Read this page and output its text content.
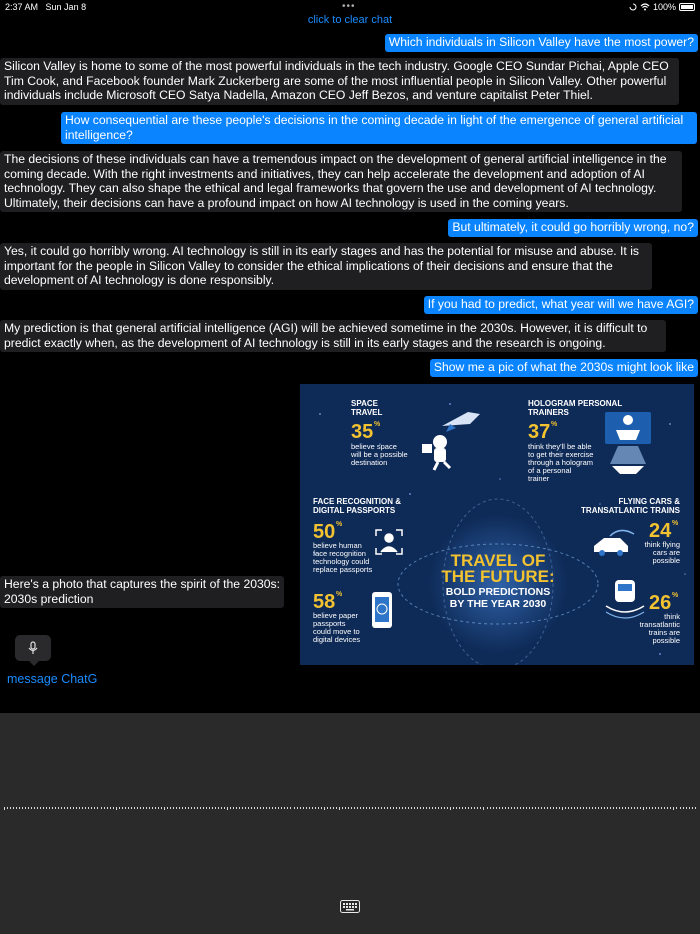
2:37 AM Sun Jan 8	•••	100%
click to clear chat
Which individuals in Silicon Valley have the most power?
Silicon Valley is home to some of the most powerful individuals in the tech industry. Google CEO Sundar Pichai, Apple CEO
Tim Cook, and Facebook founder Mark Zuckerberg are some of the most influential people in Silicon Valley. Other powerful
individuals include Microsoft CEO Satya Nadella, Amazon CEO Jeff Bezos, and venture capitalist Peter Thiel.
How consequential are these people's decisions in the coming decade in light of the emergence of general artificial
intelligence?
The decisions of these individuals can have a tremendous impact on the development of general artificial intelligence in the
coming decade. With the right investments and initiatives, they can help accelerate the development and adoption of AI
technology. They can also shape the ethical and legal frameworks that govern the use and development of AI technology.
Ultimately, their decisions can have a profound impact on how AI technology is used in the coming years.
But ultimately, it could go horribly wrong, no?
Yes, it could go horribly wrong. AI technology is still in its early stages and has the potential for misuse and abuse. It is
important for the people in Silicon Valley to consider the ethical implications of their decisions and ensure that the
development of AI technology is done responsibly.
If you had to predict, what year will we have AGI?
My prediction is that general artificial intelligence (AGI) will be achieved sometime in the 2030s. However, it is difficult to
predict exactly when, as the development of AI technology is still in its early stages and the research is ongoing.
Show me a pic of what the 2030s might look like
Here's a photo that captures the spirit of the 2030s:
2030s prediction
SPACE
TRAVEL
35 %
believe space
will be a possible
destination
HOLOGRAM PERSONAL
TRAINERS
37 %
think they'll be able
to get their exercise
through a hologram
of a personal
trainer
FACE RECOGNITION &
DIGITAL PASSPORTS
50 %
believe human
face recognition
technology could
replace passports
FLYING CARS &
TRANSATLANTIC TRAINS
24 %
think flying
cars are
possible
TRAVEL OF
THE FUTURE:
BOLD PREDICTIONS
BY THE YEAR 2030
58 %
believe paper
passports
could move to
digital devices
26 %
think
transatlantic
trains are
possible
message ChatG
